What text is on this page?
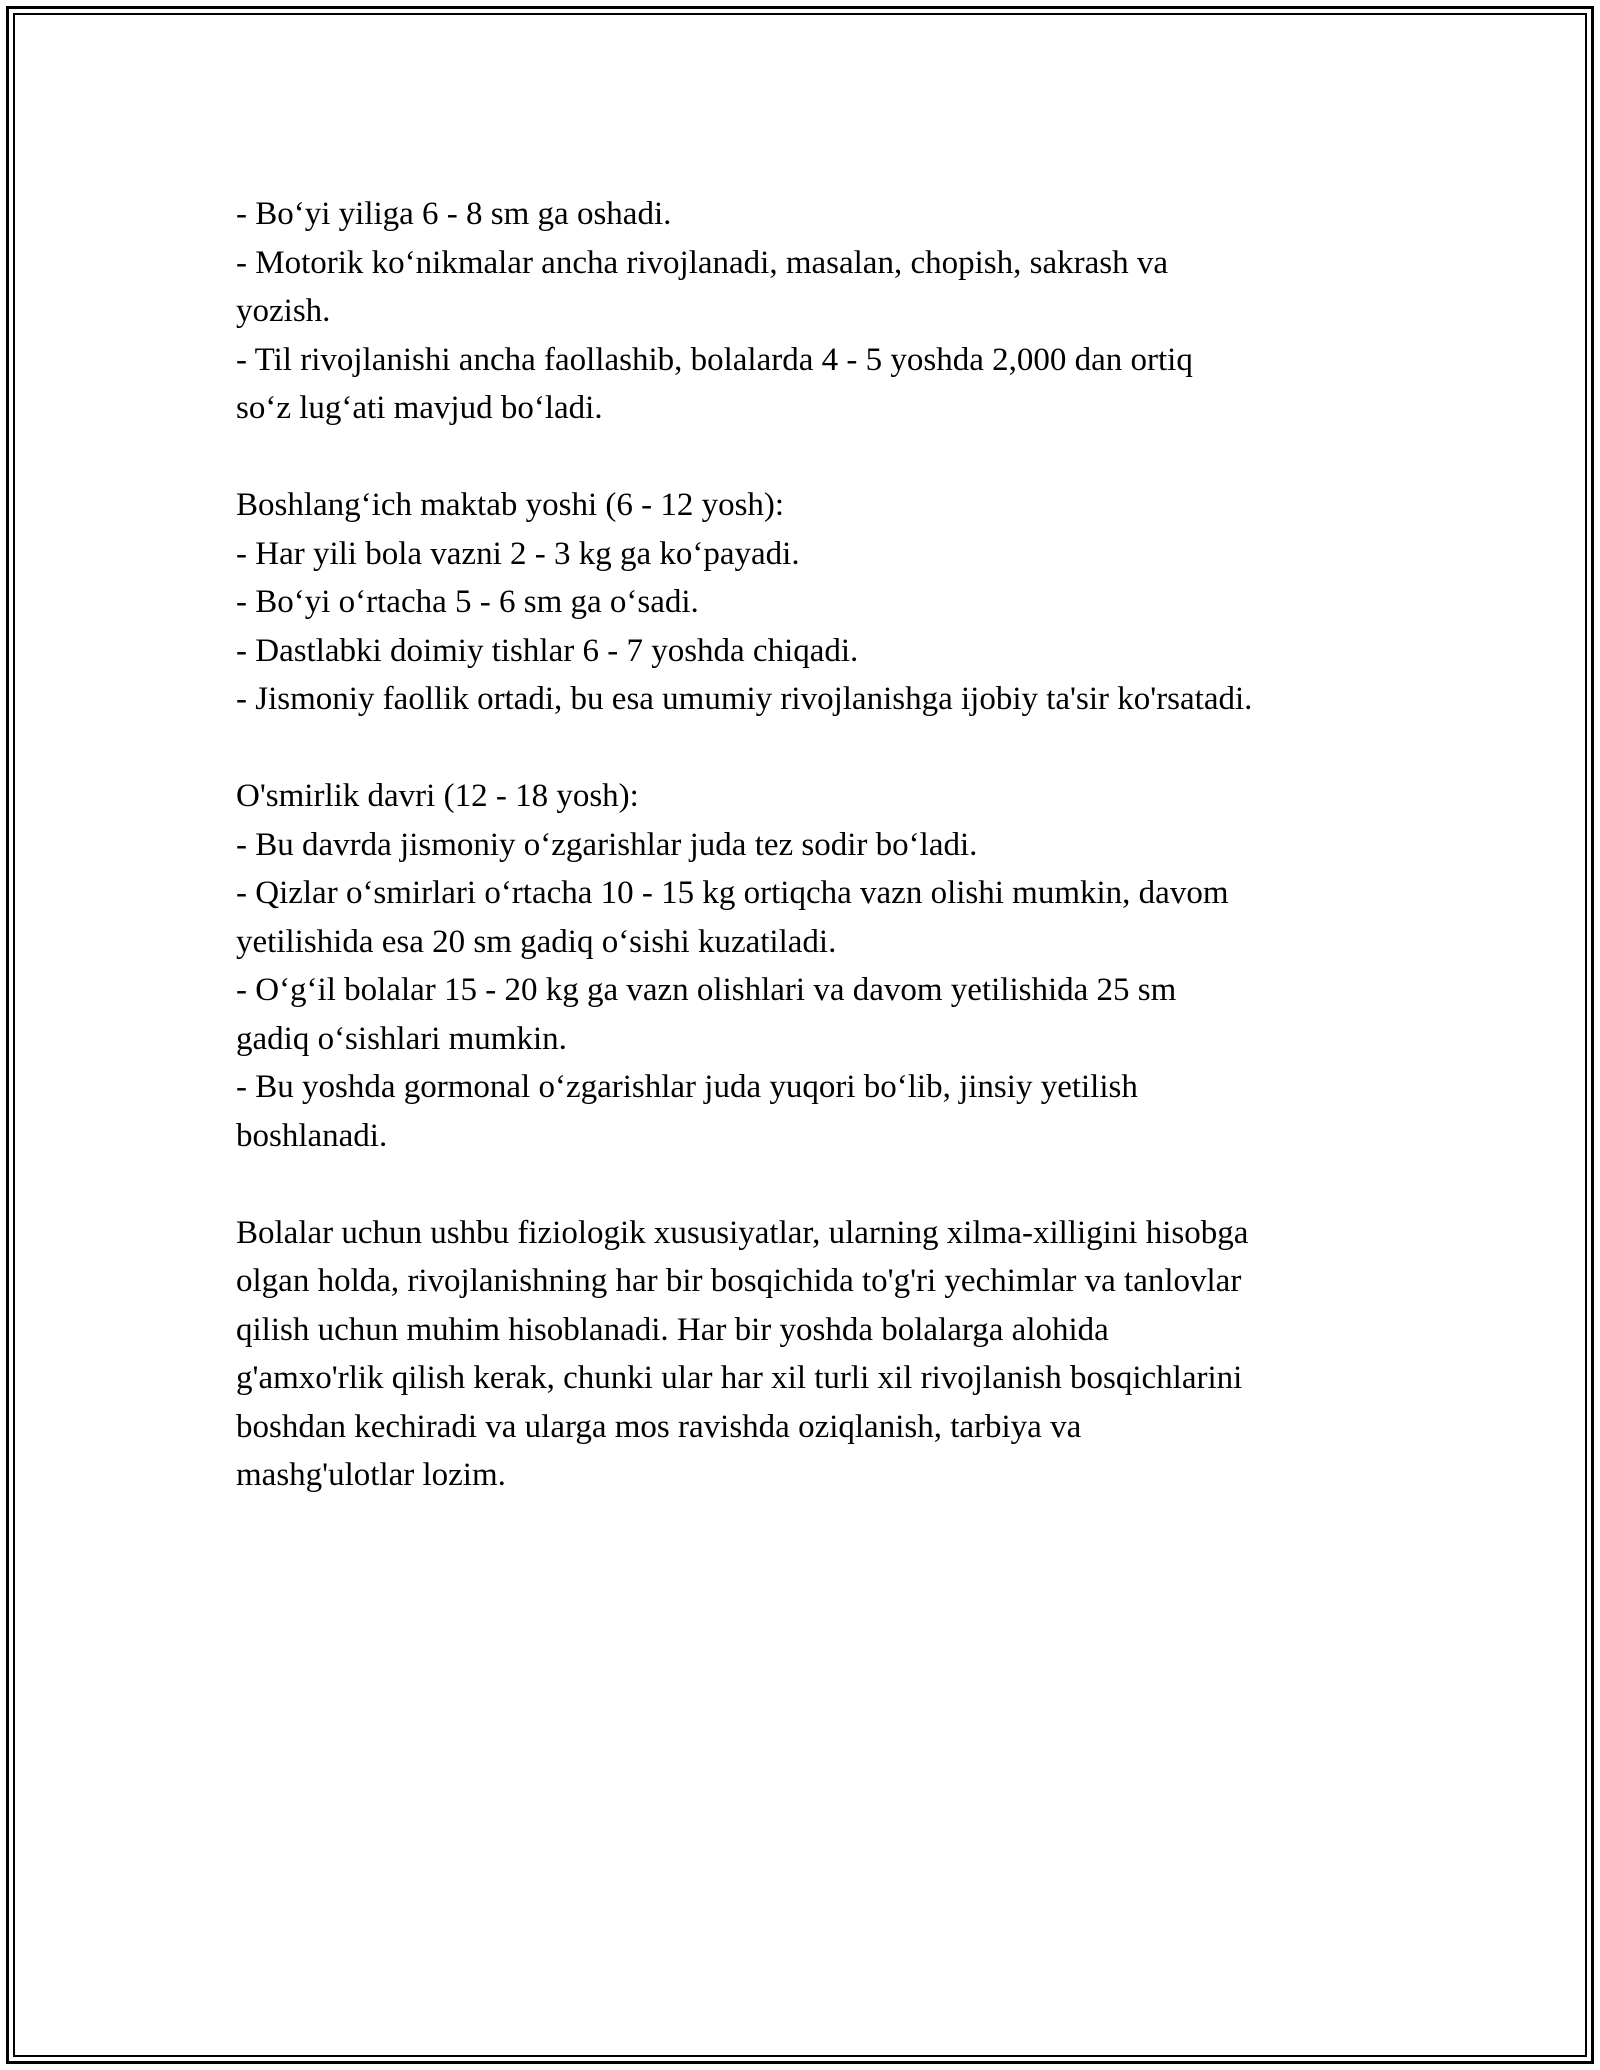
- Bo‘yi yiliga 6 - 8 sm ga oshadi.
- Motorik ko‘nikmalar ancha rivojlanadi, masalan, chopish, sakrash va
yozish.
- Til rivojlanishi ancha faollashib, bolalarda 4 - 5 yoshda 2,000 dan ortiq
so‘z lug‘ati mavjud bo‘ladi.
Boshlang‘ich maktab yoshi (6 - 12 yosh):
- Har yili bola vazni 2 - 3 kg ga ko‘payadi.
- Bo‘yi o‘rtacha 5 - 6 sm ga o‘sadi.
- Dastlabki doimiy tishlar 6 - 7 yoshda chiqadi.
- Jismoniy faollik ortadi, bu esa umumiy rivojlanishga ijobiy ta'sir ko'rsatadi.
O'smirlik davri (12 - 18 yosh):
- Bu davrda jismoniy o‘zgarishlar juda tez sodir bo‘ladi.
- Qizlar o‘smirlari o‘rtacha 10 - 15 kg ortiqcha vazn olishi mumkin, davom
yetilishida esa 20 sm gadiq o‘sishi kuzatiladi.
- O‘g‘il bolalar 15 - 20 kg ga vazn olishlari va davom yetilishida 25 sm
gadiq o‘sishlari mumkin.
- Bu yoshda gormonal o‘zgarishlar juda yuqori bo‘lib, jinsiy yetilish
boshlanadi.
Bolalar uchun ushbu fiziologik xususiyatlar, ularning xilma-xilligini hisobga
olgan holda, rivojlanishning har bir bosqichida to'g'ri yechimlar va tanlovlar
qilish uchun muhim hisoblanadi. Har bir yoshda bolalarga alohida
g'amxo'rlik qilish kerak, chunki ular har xil turli xil rivojlanish bosqichlarini
boshdan kechiradi va ularga mos ravishda oziqlanish, tarbiya va
mashg'ulotlar lozim.
